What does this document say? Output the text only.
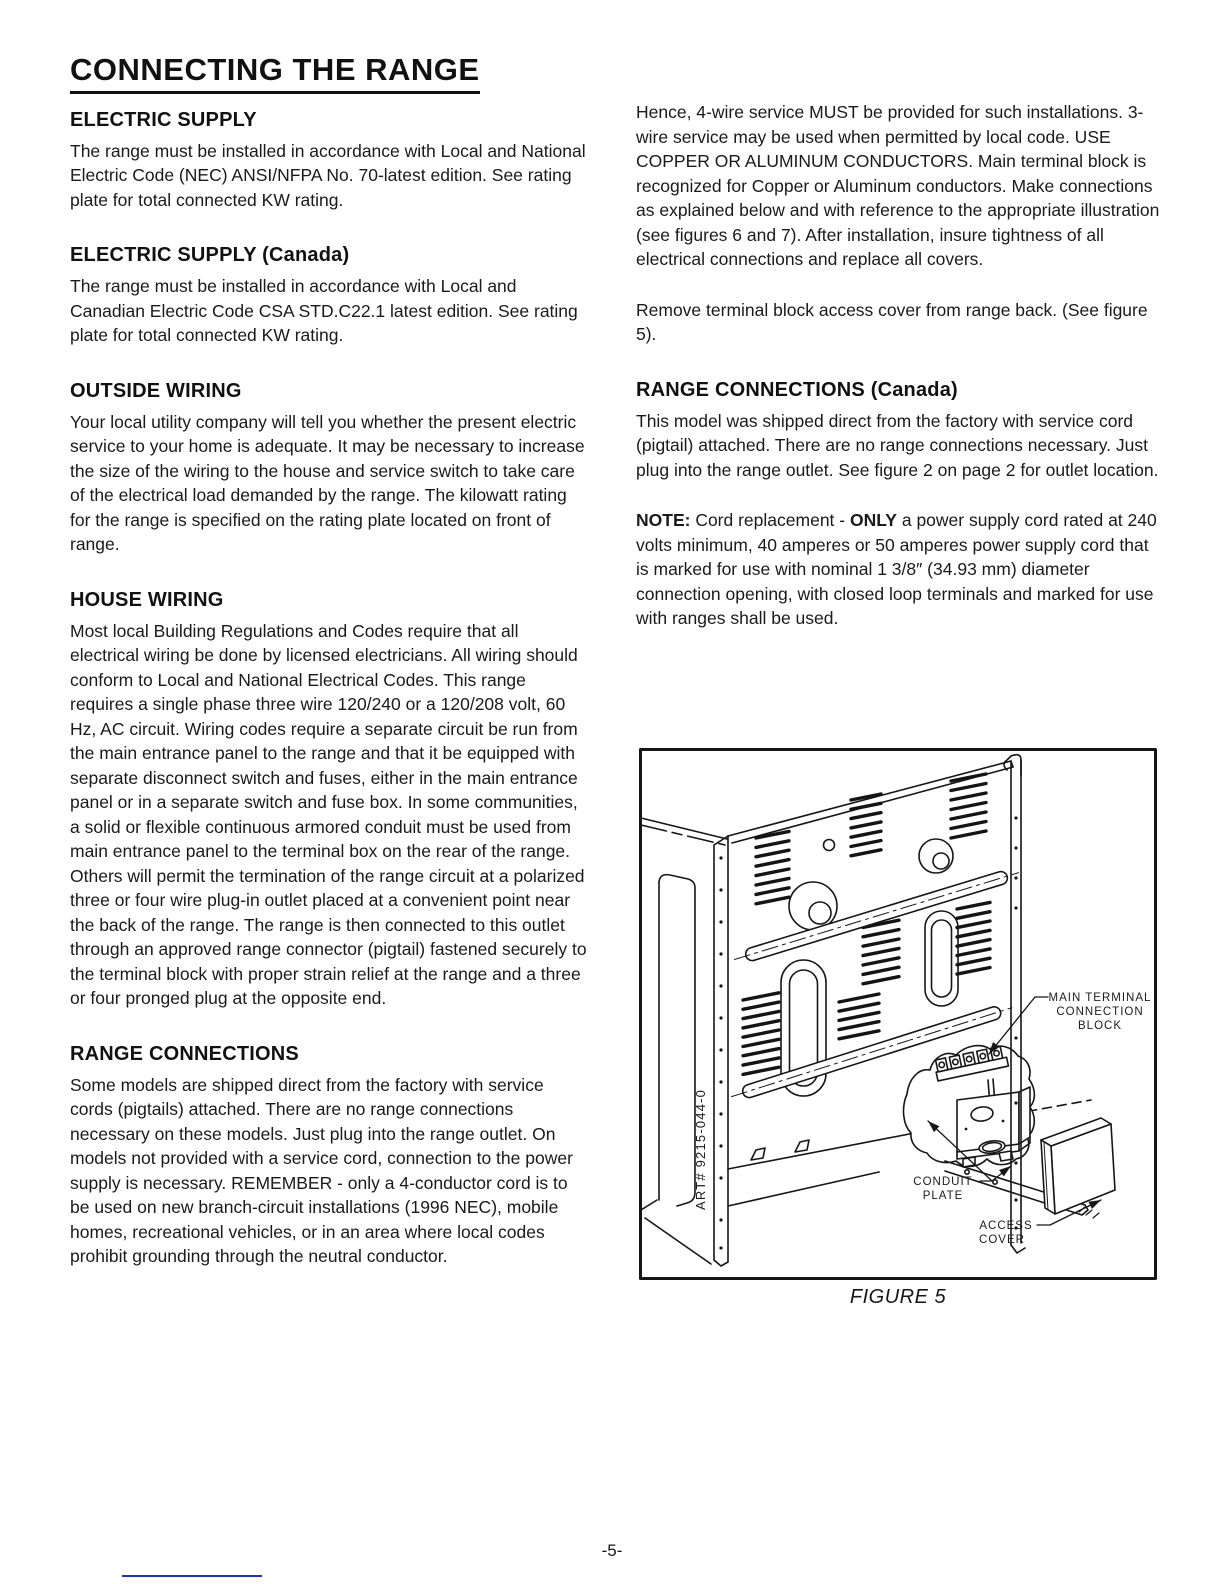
CONNECTING THE RANGE
ELECTRIC SUPPLY

The range must be installed in accordance with Local and National Electric Code (NEC) ANSI/NFPA No. 70-latest edition. See rating plate for total connected KW rating.

ELECTRIC SUPPLY (Canada)

The range must be installed in accordance with Local and Canadian Electric Code CSA STD.C22.1 latest edition. See rating plate for total connected KW rating.

OUTSIDE WIRING

Your local utility company will tell you whether the present electric service to your home is adequate. It may be necessary to increase the size of the wiring to the house and service switch to take care of the electrical load demanded by the range. The kilowatt rating for the range is specified on the rating plate located on front of range.

HOUSE WIRING

Most local Building Regulations and Codes require that all electrical wiring be done by licensed electricians. All wiring should conform to Local and National Electrical Codes. This range requires a single phase three wire 120/240 or a 120/208 volt, 60 Hz, AC circuit. Wiring codes require a separate circuit be run from the main entrance panel to the range and that it be equipped with separate disconnect switch and fuses, either in the main entrance panel or in a separate switch and fuse box. In some communities, a solid or flexible continuous armored conduit must be used from main entrance panel to the terminal box on the rear of the range. Others will permit the termination of the range circuit at a polarized three or four wire plug-in outlet placed at a convenient point near the back of the range. The range is then connected to this outlet through an approved range connector (pigtail) fastened securely to the terminal block with proper strain relief at the range and a three or four pronged plug at the opposite end.

RANGE CONNECTIONS

Some models are shipped direct from the factory with service cords (pigtails) attached. There are no range connections necessary on these models. Just plug into the range outlet. On models not provided with a service cord, connection to the power supply is necessary. REMEMBER - only a 4-conductor cord is to be used on new branch-circuit installations (1996 NEC), mobile homes, recreational vehicles, or in an area where local codes prohibit grounding through the neutral conductor.

Hence, 4-wire service MUST be provided for such installations. 3-wire service may be used when permitted by local code. USE COPPER OR ALUMINUM CONDUCTORS. Main terminal block is recognized for Copper or Aluminum conductors. Make connections as explained below and with reference to the appropriate illustration (see figures 6 and 7). After installation, insure tightness of all electrical connections and replace all covers.

Remove terminal block access cover from range back. (See figure 5).

RANGE CONNECTIONS (Canada)

This model was shipped direct from the factory with service cord (pigtail) attached. There are no range connections necessary. Just plug into the range outlet. See figure 2 on page 2 for outlet location.

NOTE: Cord replacement - ONLY a power supply cord rated at 240 volts minimum, 40 amperes or 50 amperes power supply cord that is marked for use with nominal 1 3/8″ (34.93 mm) diameter connection opening, with closed loop terminals and marked for use with ranges shall be used.

MAIN TERMINAL
CONNECTION
BLOCK
CONDUIT
PLATE
ACCESS
COVER
ART# 9215-044-0
FIGURE 5
-5-
